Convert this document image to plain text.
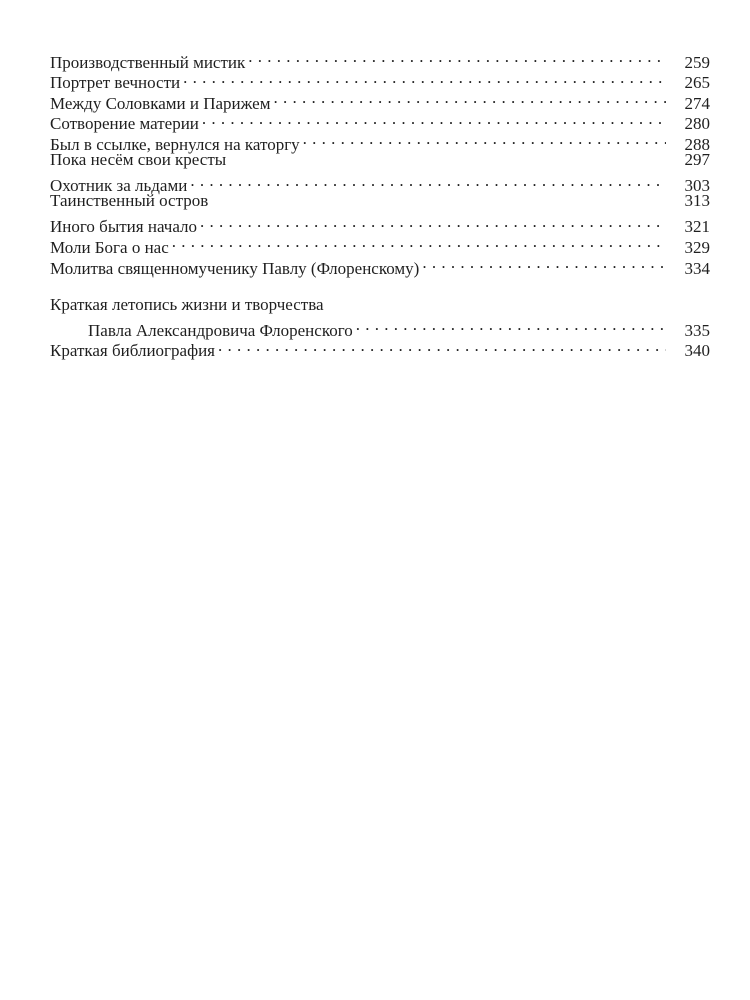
Производственный мистик . . .	259
Портрет вечности . . .	265
Между Соловками и Парижем . . .	274
Сотворение материи . . .	280
Был в ссылке, вернулся на каторгу . . .	288
Пока несём свои кресты	297
Охотник за льдами . . .	303
Таинственный остров	313
Иного бытия начало . . .	321
Моли Бога о нас . . .	329
Молитва священномученику Павлу (Флоренскому) . . .	334
Краткая летопись жизни и творчества
Павла Александровича Флоренского . . .	335
Краткая библиография . . .	340
